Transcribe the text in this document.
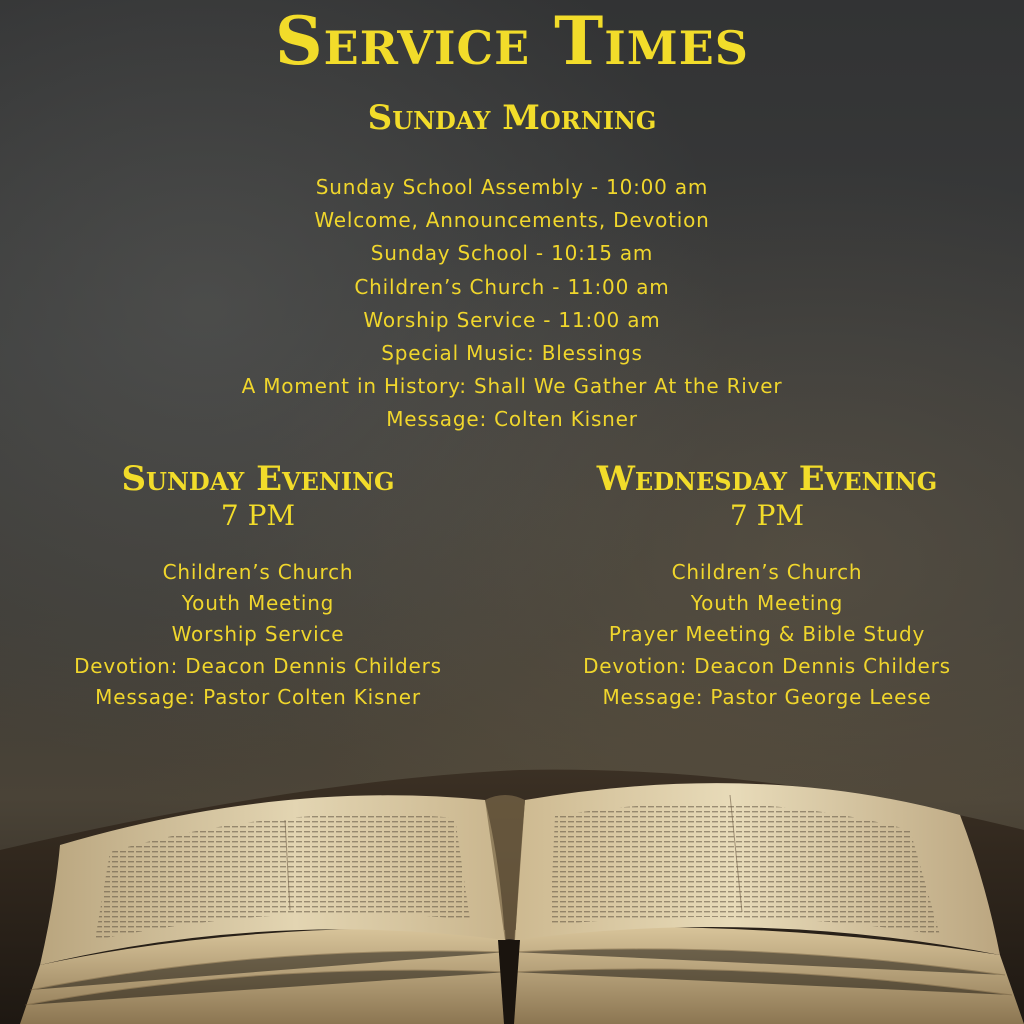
Service Times
Sunday Morning
Sunday School Assembly - 10:00 am
Welcome, Announcements, Devotion
Sunday School - 10:15 am
Children’s Church - 11:00 am
Worship Service - 11:00 am
Special Music: Blessings
A Moment in History: Shall We Gather At the River
Message: Colten Kisner
Sunday Evening
7 PM
Children’s Church
Youth Meeting
Worship Service
Devotion: Deacon Dennis Childers
Message: Pastor Colten Kisner
Wednesday Evening
7 PM
Children’s Church
Youth Meeting
Prayer Meeting & Bible Study
Devotion: Deacon Dennis Childers
Message: Pastor George Leese
